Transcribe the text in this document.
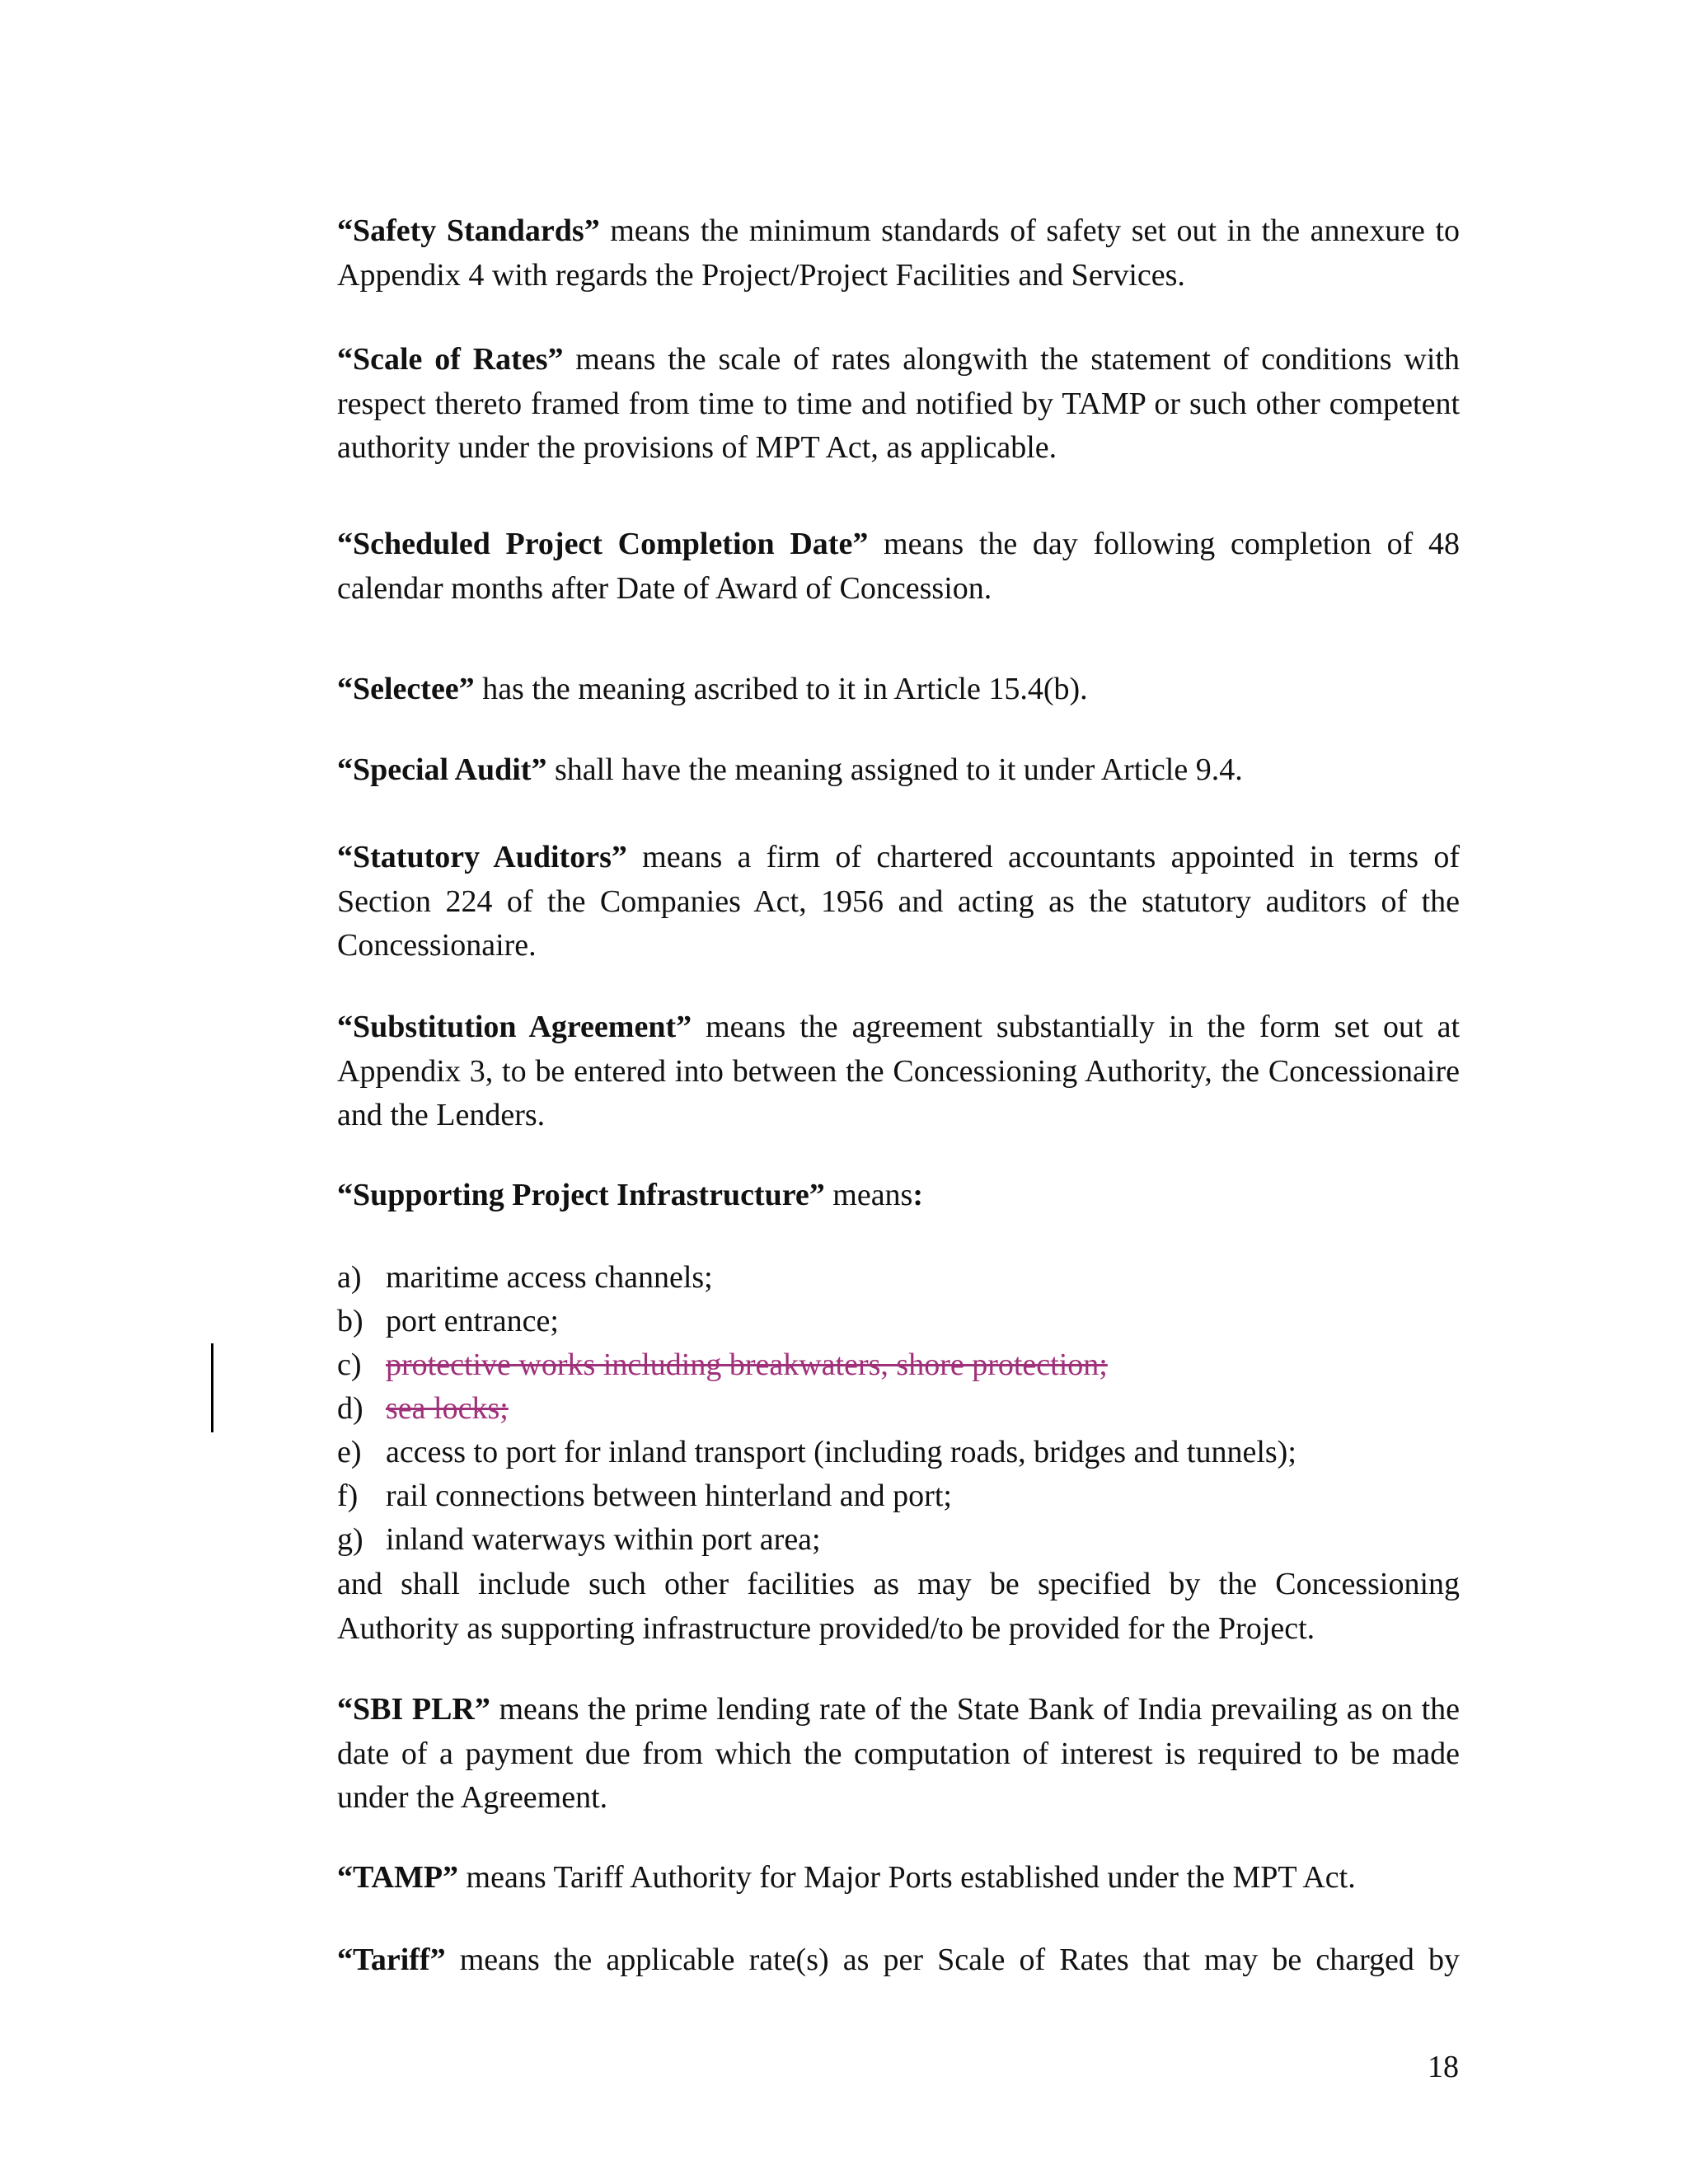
“Safety Standards” means the minimum standards of safety set out in the annexure to Appendix 4 with regards the Project/Project Facilities and Services.

“Scale of Rates” means the scale of rates alongwith the statement of conditions with respect thereto framed from time to time and notified by TAMP or such other competent authority under the provisions of MPT Act, as applicable.

“Scheduled Project Completion Date” means the day following completion of 48 calendar months after Date of Award of Concession.

“Selectee” has the meaning ascribed to it in Article 15.4(b).

“Special Audit” shall have the meaning assigned to it under Article 9.4.

“Statutory Auditors” means a firm of chartered accountants appointed in terms of Section 224 of the Companies Act, 1956 and acting as the statutory auditors of the Concessionaire.

“Substitution Agreement” means the agreement substantially in the form set out at Appendix 3, to be entered into between the Concessioning Authority, the Concessionaire and the Lenders.

“Supporting Project Infrastructure” means:

a) maritime access channels;
b) port entrance;
c) protective works including breakwaters, shore protection;
d) sea locks;
e) access to port for inland transport (including roads, bridges and tunnels);
f) rail connections between hinterland and port;
g) inland waterways within port area;

and shall include such other facilities as may be specified by the Concessioning Authority as supporting infrastructure provided/to be provided for the Project.

“SBI PLR” means the prime lending rate of the State Bank of India prevailing as on the date of a payment due from which the computation of interest is required to be made under the Agreement.

“TAMP” means Tariff Authority for Major Ports established under the MPT Act.

“Tariff” means the applicable rate(s) as per Scale of Rates that may be charged by

18
